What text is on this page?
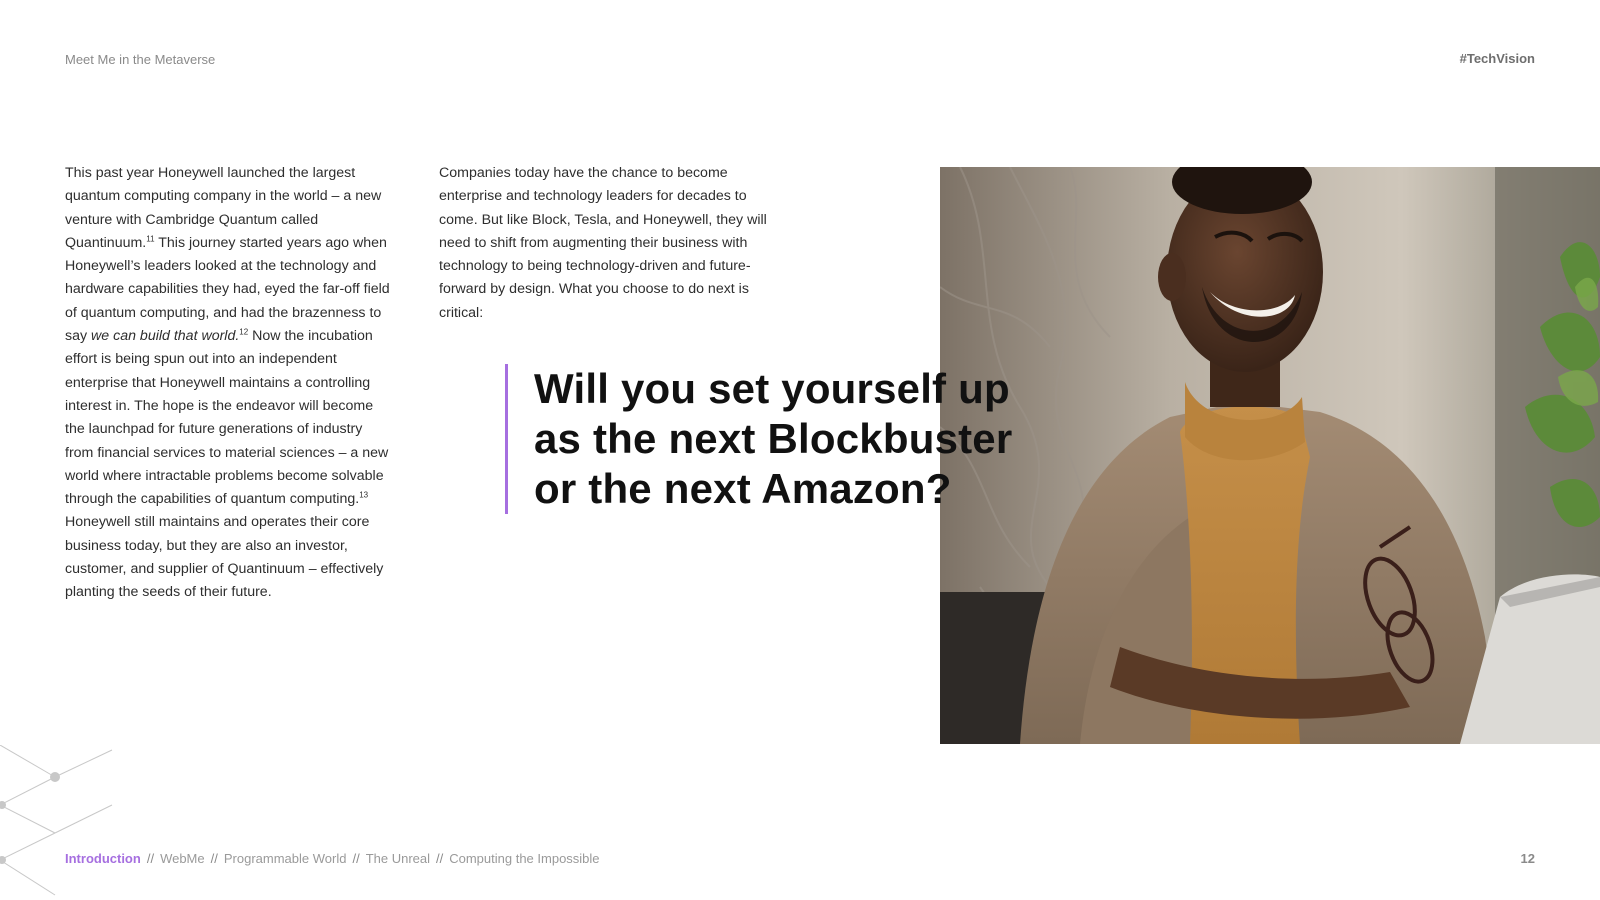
Meet Me in the Metaverse	#TechVision

This past year Honeywell launched the largest quantum computing company in the world – a new venture with Cambridge Quantum called Quantinuum.$^{11}$ This journey started years ago when Honeywell’s leaders looked at the technology and hardware capabilities they had, eyed the far-off field of quantum computing, and had the brazenness to say we can build that world.$^{12}$ Now the incubation effort is being spun out into an independent enterprise that Honeywell maintains a controlling interest in. The hope is the endeavor will become the launchpad for future generations of industry from financial services to material sciences – a new world where intractable problems become solvable through the capabilities of quantum computing.$^{13}$ Honeywell still maintains and operates their core business today, but they are also an investor, customer, and supplier of Quantinuum – effectively planting the seeds of their future.

Companies today have the chance to become enterprise and technology leaders for decades to come. But like Block, Tesla, and Honeywell, they will need to shift from augmenting their business with technology to being technology-driven and future-forward by design. What you choose to do next is critical:

Will you set yourself up as the next Blockbuster or the next Amazon?
Introduction // WebMe // Programmable World // The Unreal // Computing the Impossible	12
